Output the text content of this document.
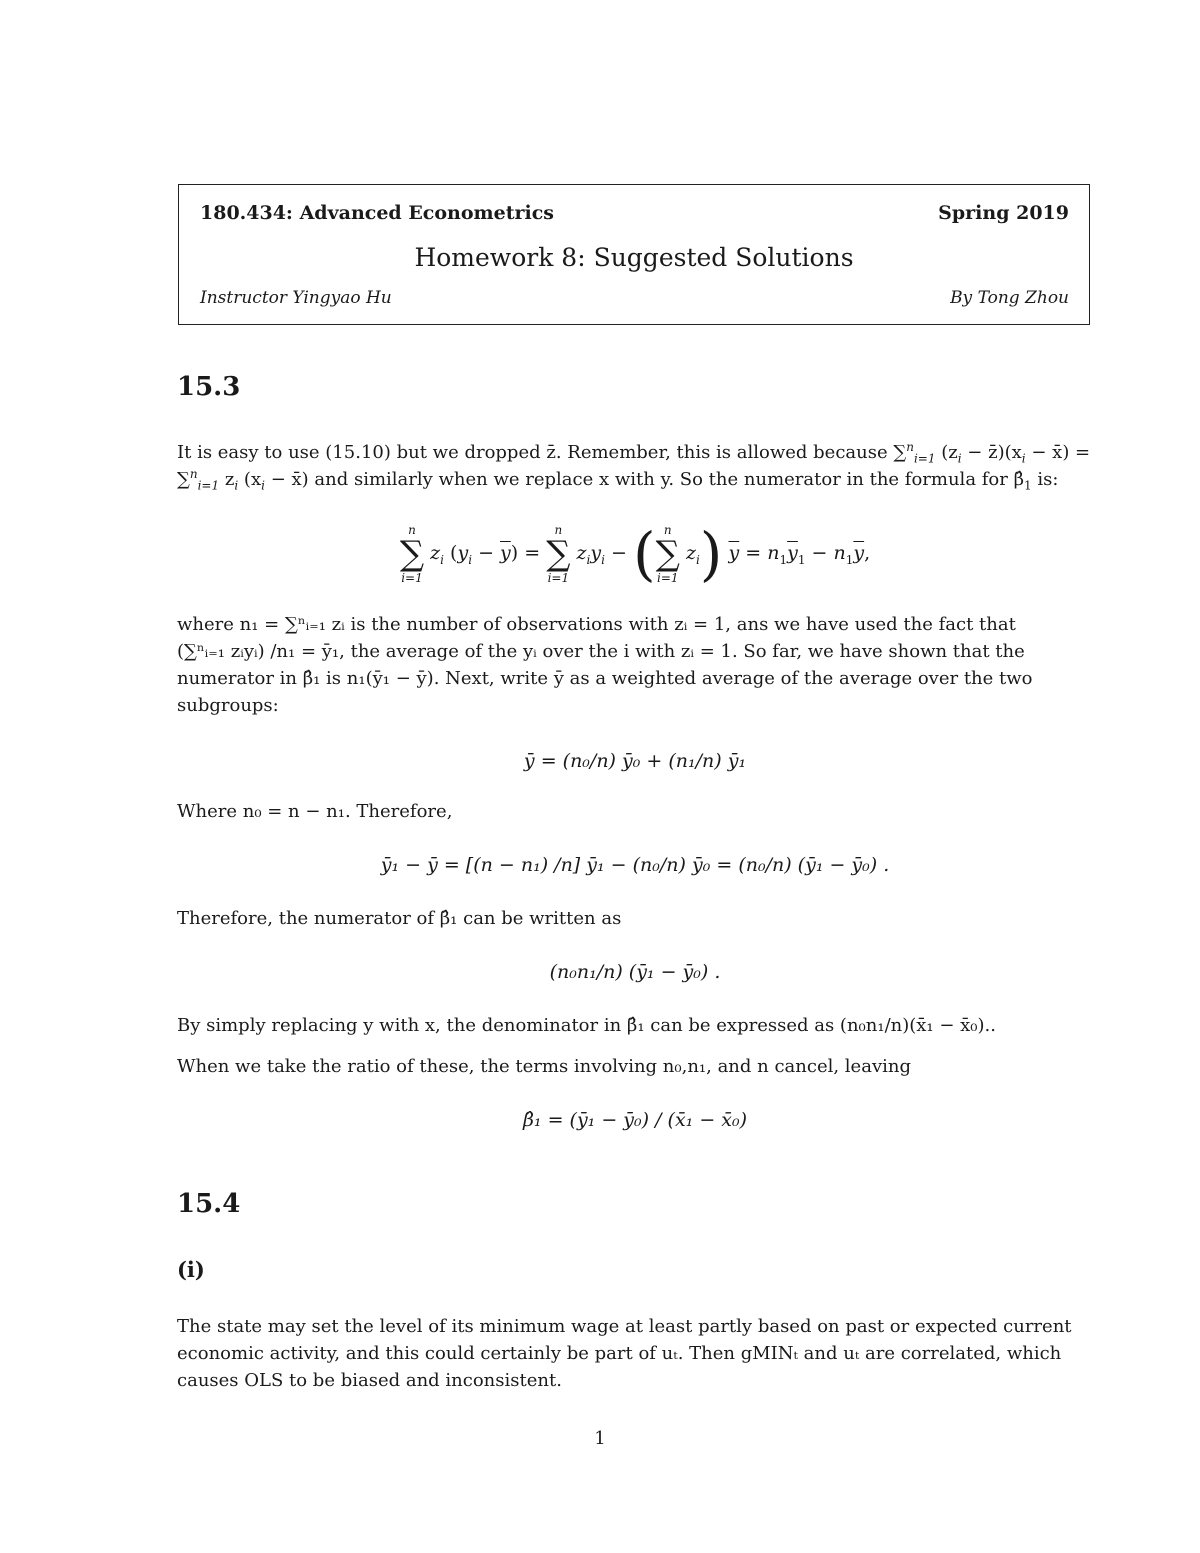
180.434: Advanced Econometrics	Spring 2019
Homework 8: Suggested Solutions
Instructor Yingyao Hu	By Tong Zhou
15.3
It is easy to use (15.10) but we dropped z̄. Remember, this is allowed because ∑$^n_{i=1}$ ($z_i$ − $z̄)(x_i$ − x̄) =
∑$^n_{i=1}$ $z_i$ ($x_i$ − x̄) and similarly when we replace x with y. So the numerator in the formula for $\betâ_1$ is:
n
∑
i=1
$z_i$ $(y_i - \overline{y})$ =
n
∑
i=1
$z_iy_i$ − ( n
∑
i=1
$z_i$) $\overline{y} = n_1\overline{y}_1 - n_1\overline{y}$,
where n₁ = ∑ⁿᵢ₌₁ zᵢ is the number of observations with zᵢ = 1, ans we have used the fact that
(∑ⁿᵢ₌₁ zᵢyᵢ) /n₁ = ȳ₁, the average of the yᵢ over the i with zᵢ = 1. So far, we have shown that the
numerator in β̂₁ is n₁(ȳ₁ − ȳ). Next, write ȳ as a weighted average of the average over the two
subgroups:
ȳ = (n₀/n) ȳ₀ + (n₁/n) ȳ₁
Where n₀ = n − n₁. Therefore,
ȳ₁ − ȳ = [(n − n₁) /n] ȳ₁ − (n₀/n) ȳ₀ = (n₀/n) (ȳ₁ − ȳ₀) .
Therefore, the numerator of β̂₁ can be written as
(n₀n₁/n) (ȳ₁ − ȳ₀) .
By simply replacing y with x, the denominator in β̂₁ can be expressed as (n₀n₁/n)(x̄₁ − x̄₀)..
When we take the ratio of these, the terms involving n₀,n₁, and n cancel, leaving
β̂₁ = (ȳ₁ − ȳ₀) / (x̄₁ − x̄₀)
15.4
(i)
The state may set the level of its minimum wage at least partly based on past or expected current
economic activity, and this could certainly be part of uₜ. Then gMINₜ and uₜ are correlated, which
causes OLS to be biased and inconsistent.
1
